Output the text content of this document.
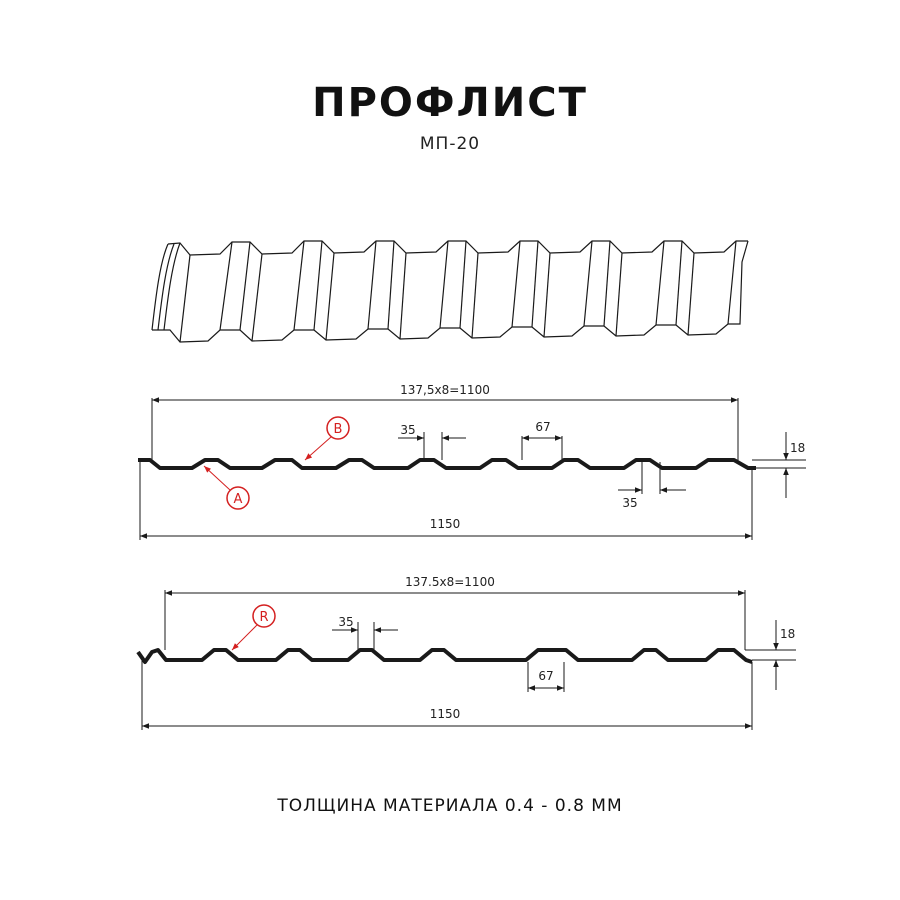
ПРОФЛИСТ
МП-20
137,5x8=1100
67
35
35
18
1150
B
A
137.5x8=1100
35
67
18
1150
R
ТОЛЩИНА МАТЕРИАЛА 0.4 - 0.8 ММ
